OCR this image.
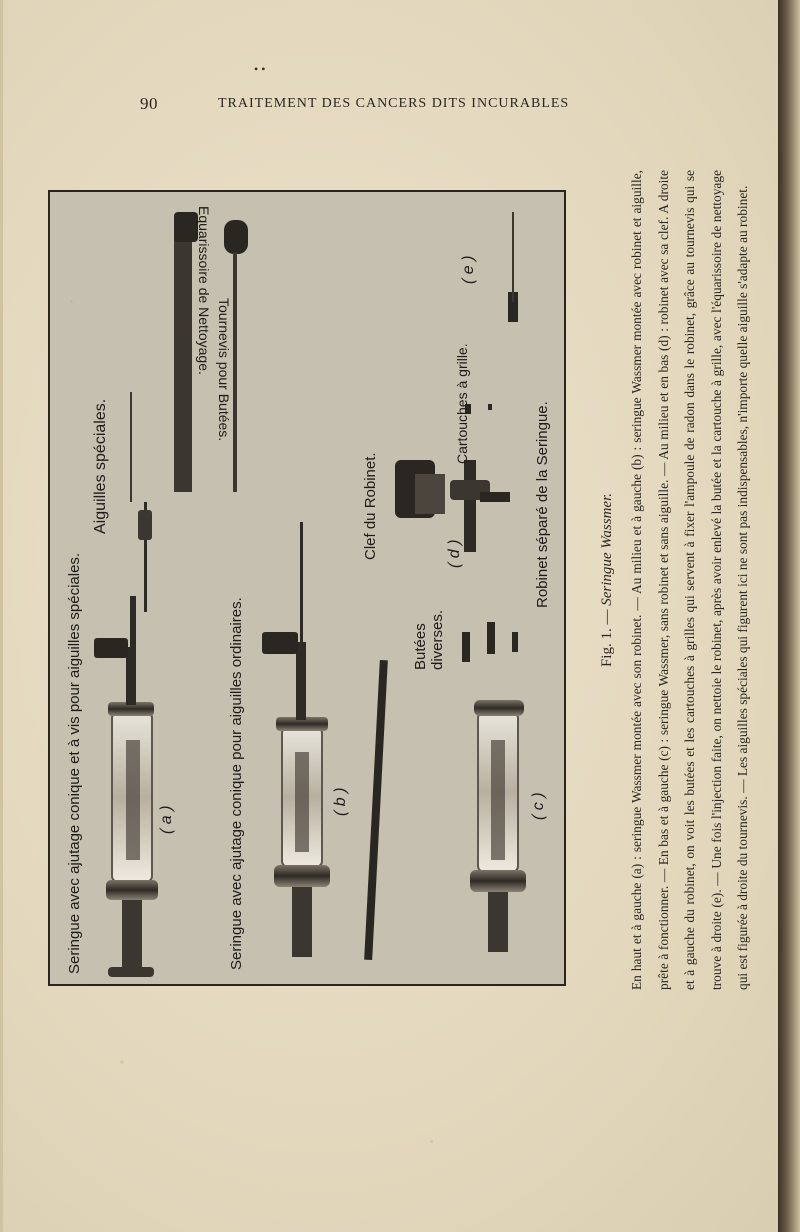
• •
90	TRAITEMENT DES CANCERS DITS INCURABLES
Seringue avec ajutage conique et à vis pour aiguilles spéciales.	( a )	Seringue avec ajutage conique pour aiguilles ordinaires.	( b )	( c )
Aiguilles spéciales.	Clef du Robinet.
Butées diverses.
( d )
Cartouches à grille.	Robinet séparé de la Seringue.
Tournevis pour Butées.
Equarissoire de Nettoyage.	( e )
Fig. 1. — Seringue Wassmer.	En haut et à gauche (a) : seringue Wassmer montée avec son robinet. — Au milieu et à gauche (b) : seringue Wassmer montée avec robinet et aiguille, prête à fonctionner. — En bas et à gauche (c) : seringue Wassmer, sans robinet et sans aiguille. — Au milieu et en bas (d) : robinet avec sa clef. A droite et à gauche du robinet, on voit les butées et les cartouches à grilles qui servent à fixer l'ampoule de radon dans le robinet, grâce au tournevis qui se trouve à droite (e). — Une fois l'injection faite, on nettoie le robinet, après avoir enlevé la butée et la cartouche à grille, avec l'équarissoire de nettoyage qui est figurée à droite du tournevis. — Les aiguilles spéciales qui figurent ici ne sont pas indispensables, n'importe quelle aiguille s'adapte au robinet.
